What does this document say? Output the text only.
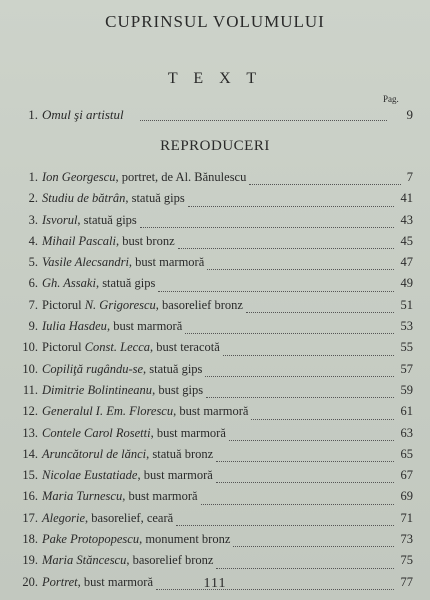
CUPRINSUL VOLUMULUI
T E X T
Pag.
1. Omul şi artistul	9
REPRODUCERI
1. Ion Georgescu, portret, de Al. Bănulescu	7
2. Studiu de bătrân, statuă gips	41
3. Isvorul, statuă gips	43
4. Mihail Pascali, bust bronz	45
5. Vasile Alecsandri, bust marmoră	47
6. Gh. Assaki, statuă gips	49
7. Pictorul N. Grigorescu, basorelief bronz	51
9. Iulia Hasdeu, bust marmoră	53
10. Pictorul Const. Lecca, bust teracotă	55
10. Copiliţă rugându-se, statuă gips	57
11. Dimitrie Bolintineanu, bust gips	59
12. Generalul I. Em. Florescu, bust marmoră	61
13. Contele Carol Rosetti, bust marmoră	63
14. Aruncătorul de lănci, statuă bronz	65
15. Nicolae Eustatiade, bust marmoră	67
16. Maria Turnescu, bust marmoră	69
17. Alegorie, basorelief, ceară	71
18. Pake Protopopescu, monument bronz	73
19. Maria Stăncescu, basorelief bronz	75
20. Portret, bust marmoră	77
111
